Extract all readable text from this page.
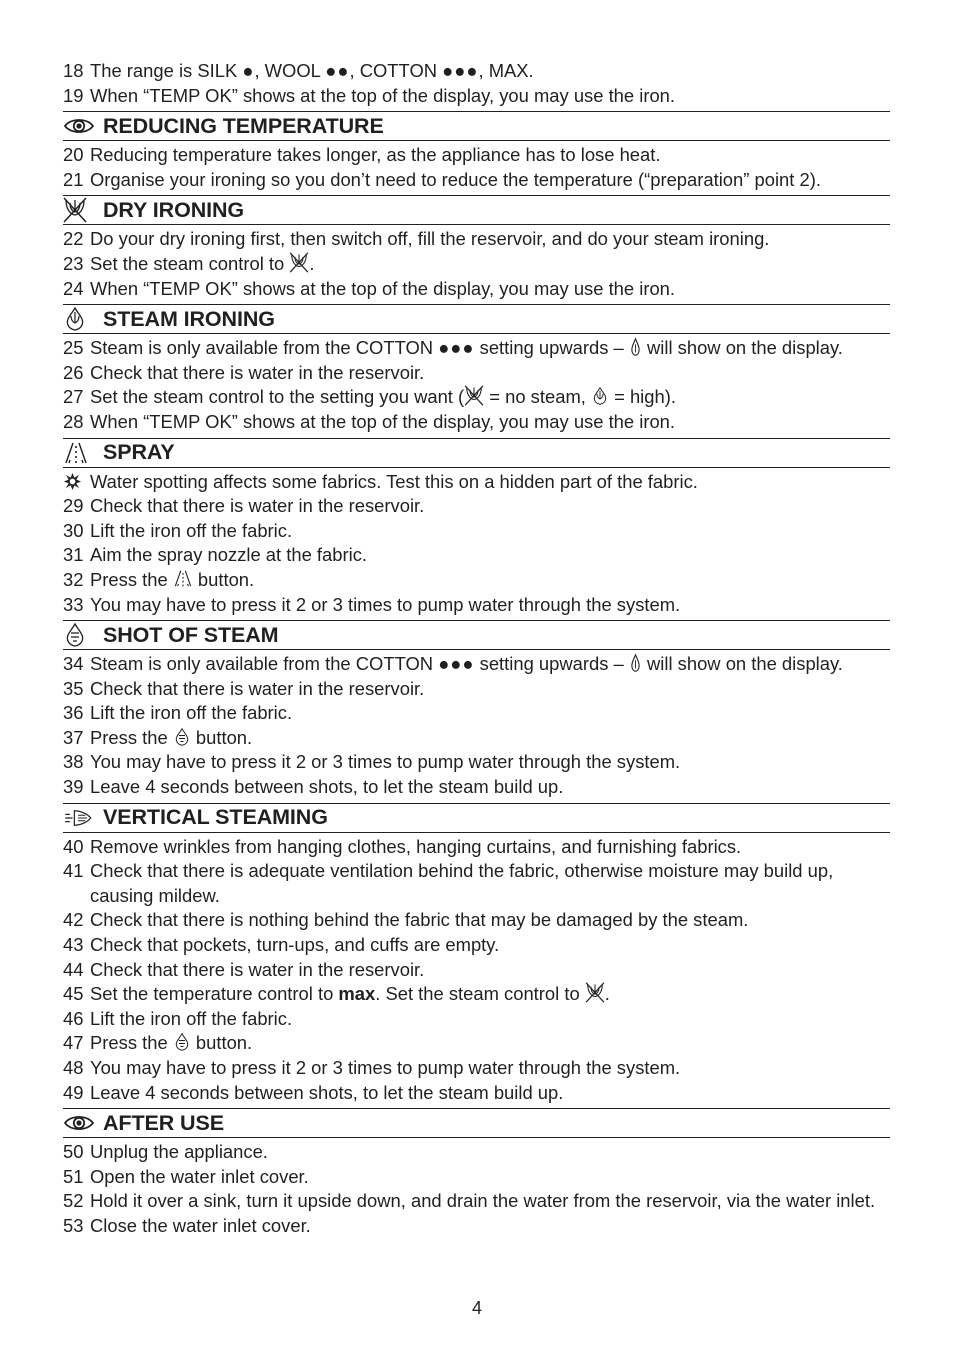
18 The range is SILK ●, WOOL ●●, COTTON ●●●, MAX.
19 When “TEMP OK” shows at the top of the display, you may use the iron.
REDUCING TEMPERATURE
20 Reducing temperature takes longer, as the appliance has to lose heat.
21 Organise your ironing so you don’t need to reduce the temperature (“preparation” point 2).
DRY IRONING
22 Do your dry ironing first, then switch off, fill the reservoir, and do your steam ironing.
23 Set the steam control to .
24 When “TEMP OK” shows at the top of the display, you may use the iron.
STEAM IRONING
25 Steam is only available from the COTTON ●●● setting upwards –  will show on the display.
26 Check that there is water in the reservoir.
27 Set the steam control to the setting you want ( = no steam,  = high).
28 When “TEMP OK” shows at the top of the display, you may use the iron.
SPRAY
Water spotting affects some fabrics. Test this on a hidden part of the fabric.
29 Check that there is water in the reservoir.
30 Lift the iron off the fabric.
31 Aim the spray nozzle at the fabric.
32 Press the  button.
33 You may have to press it 2 or 3 times to pump water through the system.
SHOT OF STEAM
34 Steam is only available from the COTTON ●●● setting upwards –  will show on the display.
35 Check that there is water in the reservoir.
36 Lift the iron off the fabric.
37 Press the  button.
38 You may have to press it 2 or 3 times to pump water through the system.
39 Leave 4 seconds between shots, to let the steam build up.
VERTICAL STEAMING
40 Remove wrinkles from hanging clothes, hanging curtains, and furnishing fabrics.
41 Check that there is adequate ventilation behind the fabric, otherwise moisture may build up, causing mildew.
42 Check that there is nothing behind the fabric that may be damaged by the steam.
43 Check that pockets, turn-ups, and cuffs are empty.
44 Check that there is water in the reservoir.
45 Set the temperature control to max. Set the steam control to .
46 Lift the iron off the fabric.
47 Press the  button.
48 You may have to press it 2 or 3 times to pump water through the system.
49 Leave 4 seconds between shots, to let the steam build up.
AFTER USE
50 Unplug the appliance.
51 Open the water inlet cover.
52 Hold it over a sink, turn it upside down, and drain the water from the reservoir, via the water inlet.
53 Close the water inlet cover.
4
